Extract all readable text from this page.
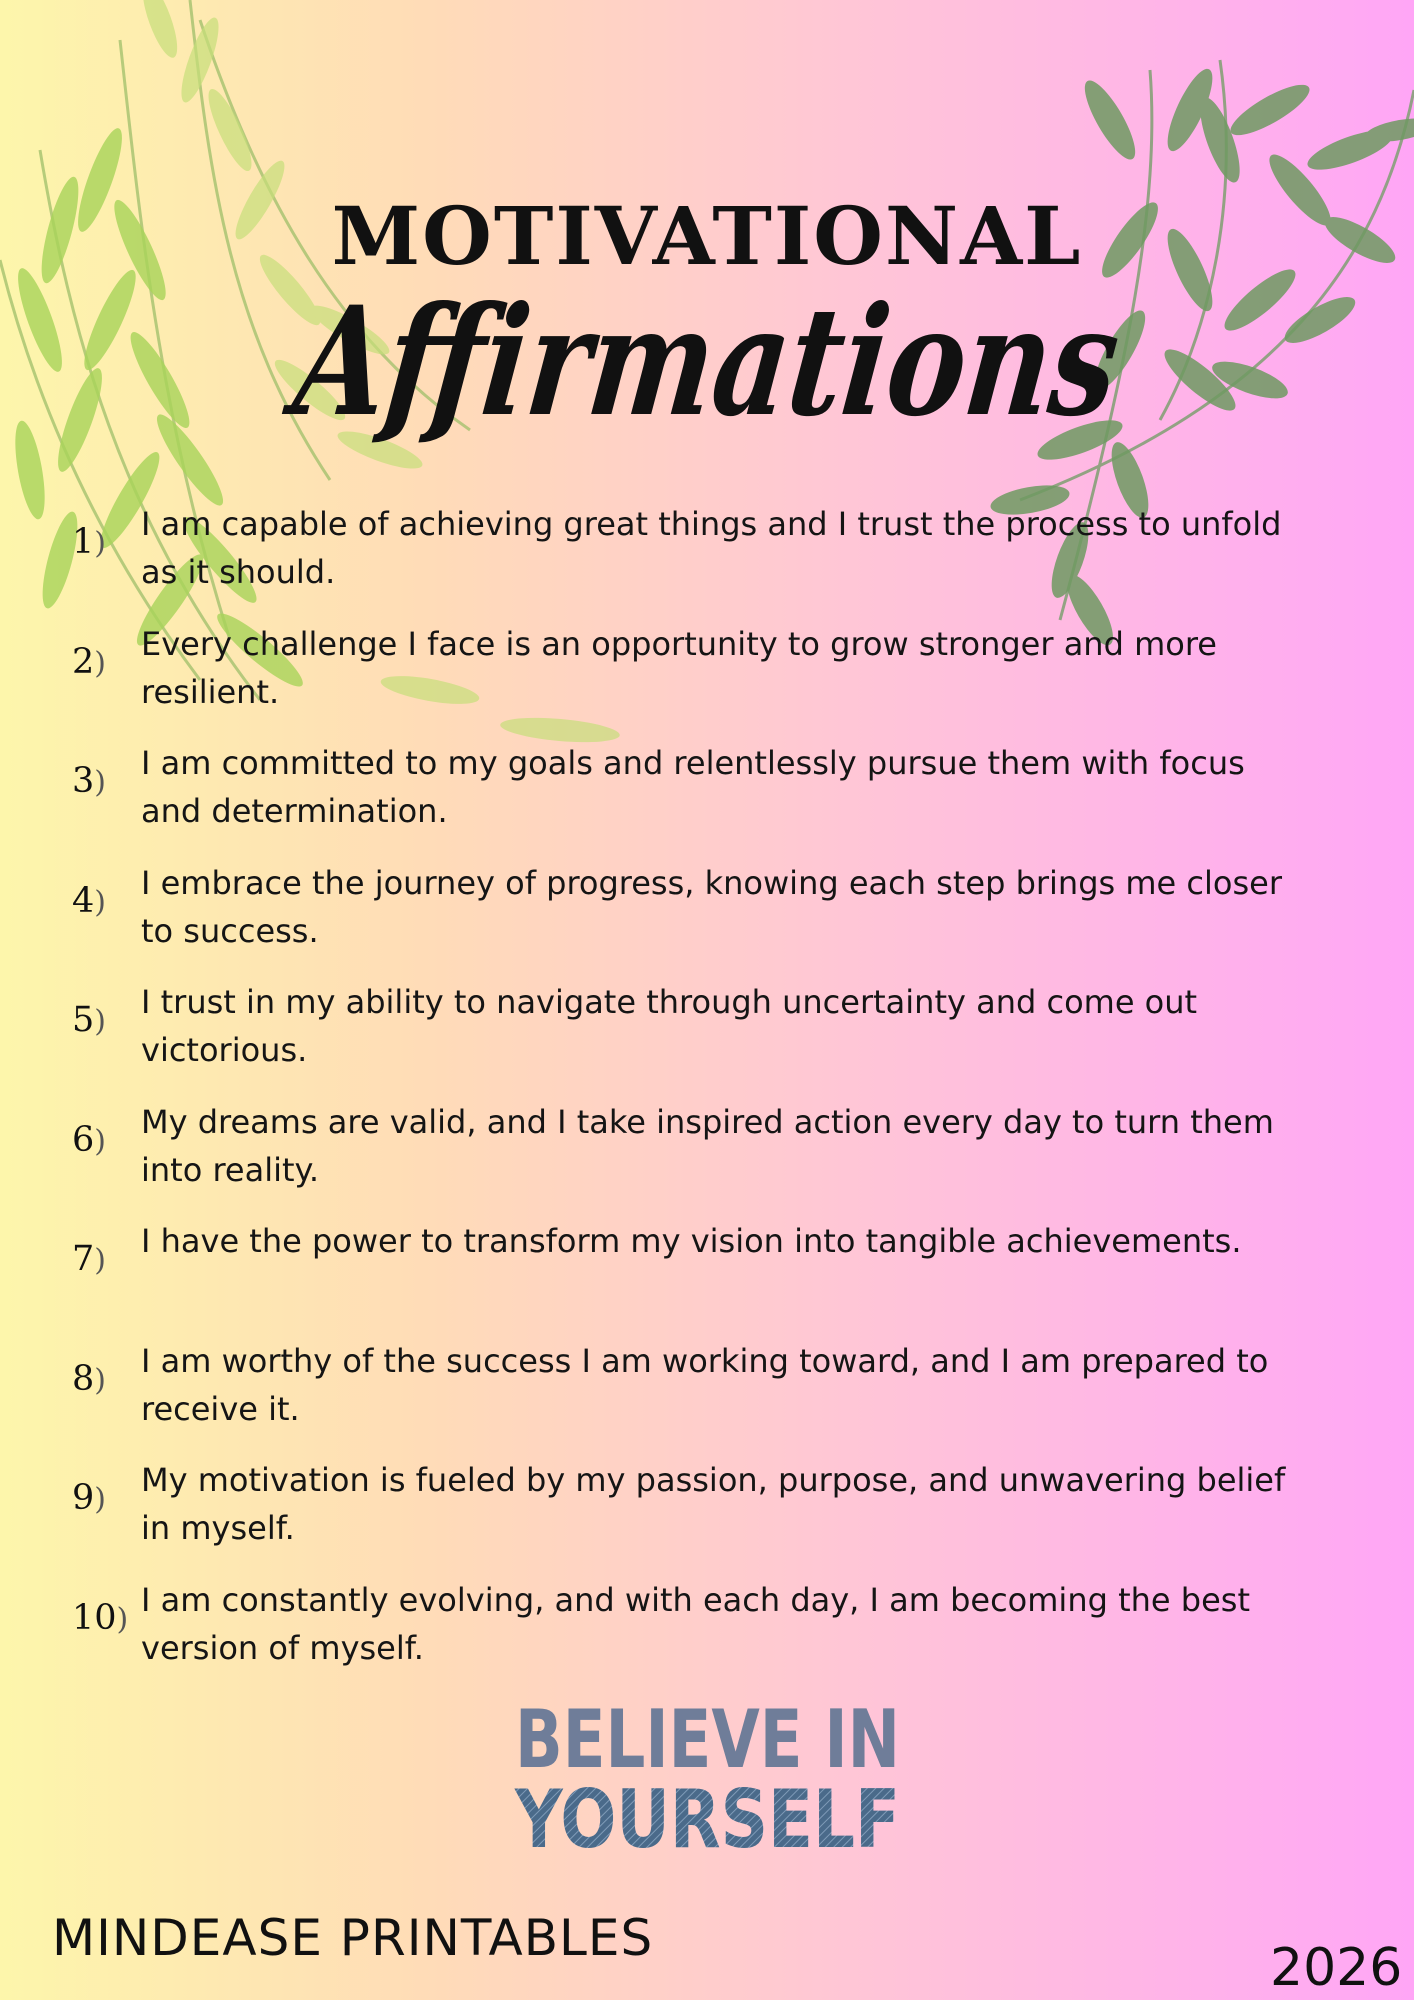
MOTIVATIONAL
Affirmations
1)
I am capable of achieving great things and I trust the process to unfold as it should.
2)
Every challenge I face is an opportunity to grow stronger and more resilient.
3)
I am committed to my goals and relentlessly pursue them with focus and determination.
4)
I embrace the journey of progress, knowing each step brings me closer to success.
5)
I trust in my ability to navigate through uncertainty and come out victorious.
6)
My dreams are valid, and I take inspired action every day to turn them into reality.
7)
I have the power to transform my vision into tangible achievements.
8)
I am worthy of the success I am working toward, and I am prepared to receive it.
9)
My motivation is fueled by my passion, purpose, and unwavering belief in myself.
10)
I am constantly evolving, and with each day, I am becoming the best version of myself.
BELIEVE IN
YOURSELF
MINDEASE PRINTABLES	2026
